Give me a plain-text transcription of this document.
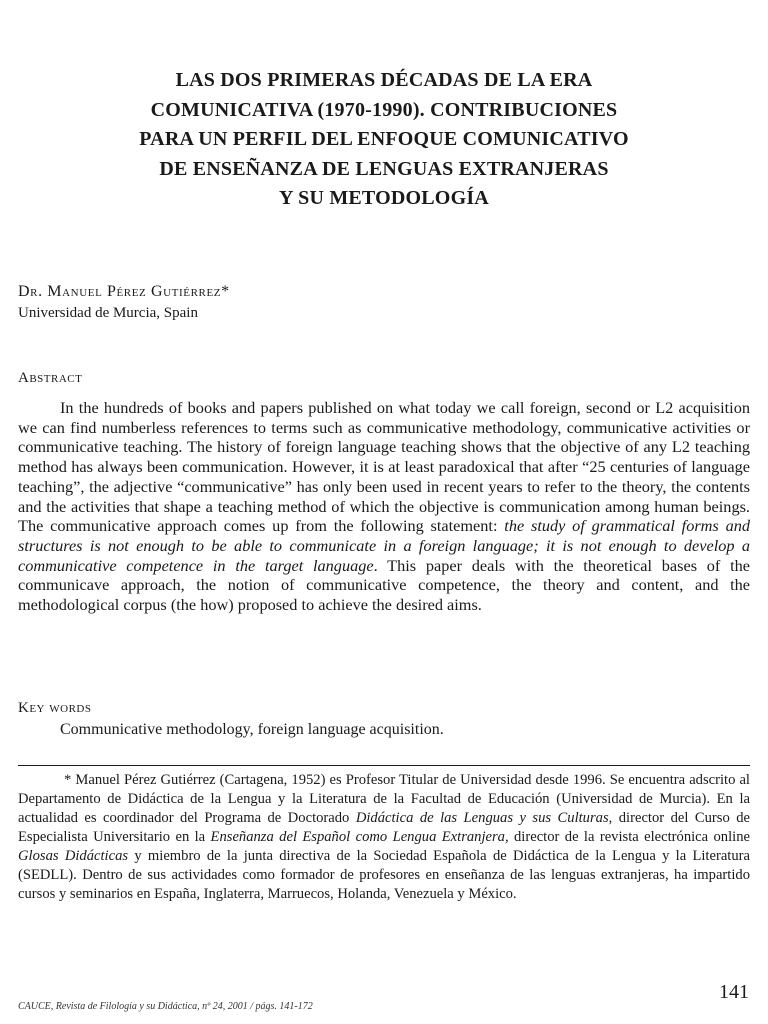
LAS DOS PRIMERAS DÉCADAS DE LA ERA
COMUNICATIVA (1970-1990). CONTRIBUCIONES
PARA UN PERFIL DEL ENFOQUE COMUNICATIVO
DE ENSEÑANZA DE LENGUAS EXTRANJERAS
Y SU METODOLOGÍA
Dr. Manuel Pérez Gutiérrez*
Universidad de Murcia, Spain
Abstract

In the hundreds of books and papers published on what today we call foreign, second or L2 acquisition we can find numberless references to terms such as communicative methodology, communicative activities or communicative teaching. The history of foreign language teaching shows that the objective of any L2 teaching method has always been communication. However, it is at least paradoxical that after “25 centuries of language teaching”, the adjective “communicative” has only been used in recent years to refer to the theory, the contents and the activities that shape a teaching method of which the objective is communication among human beings. The communicative approach comes up from the following statement: the study of grammatical forms and structures is not enough to be able to communicate in a foreign language; it is not enough to develop a communicative competence in the target language. This paper deals with the theoretical bases of the communicave approach, the notion of communicative competence, the theory and content, and the methodological corpus (the how) proposed to achieve the desired aims.

Key words
Communicative methodology, foreign language acquisition.

* Manuel Pérez Gutiérrez (Cartagena, 1952) es Profesor Titular de Universidad desde 1996. Se encuentra adscrito al Departamento de Didáctica de la Lengua y la Literatura de la Facultad de Educación (Universidad de Murcia). En la actualidad es coordinador del Programa de Doctorado Didáctica de las Lenguas y sus Culturas, director del Curso de Especialista Universitario en la Enseñanza del Español como Lengua Extranjera, director de la revista electrónica online Glosas Didácticas y miembro de la junta directiva de la Sociedad Española de Didáctica de la Lengua y la Literatura (SEDLL). Dentro de sus actividades como formador de profesores en enseñanza de las lenguas extranjeras, ha impartido cursos y seminarios en España, Inglaterra, Marruecos, Holanda, Venezuela y México.

141
CAUCE, Revista de Filología y su Didáctica, nº 24, 2001 / págs. 141-172
